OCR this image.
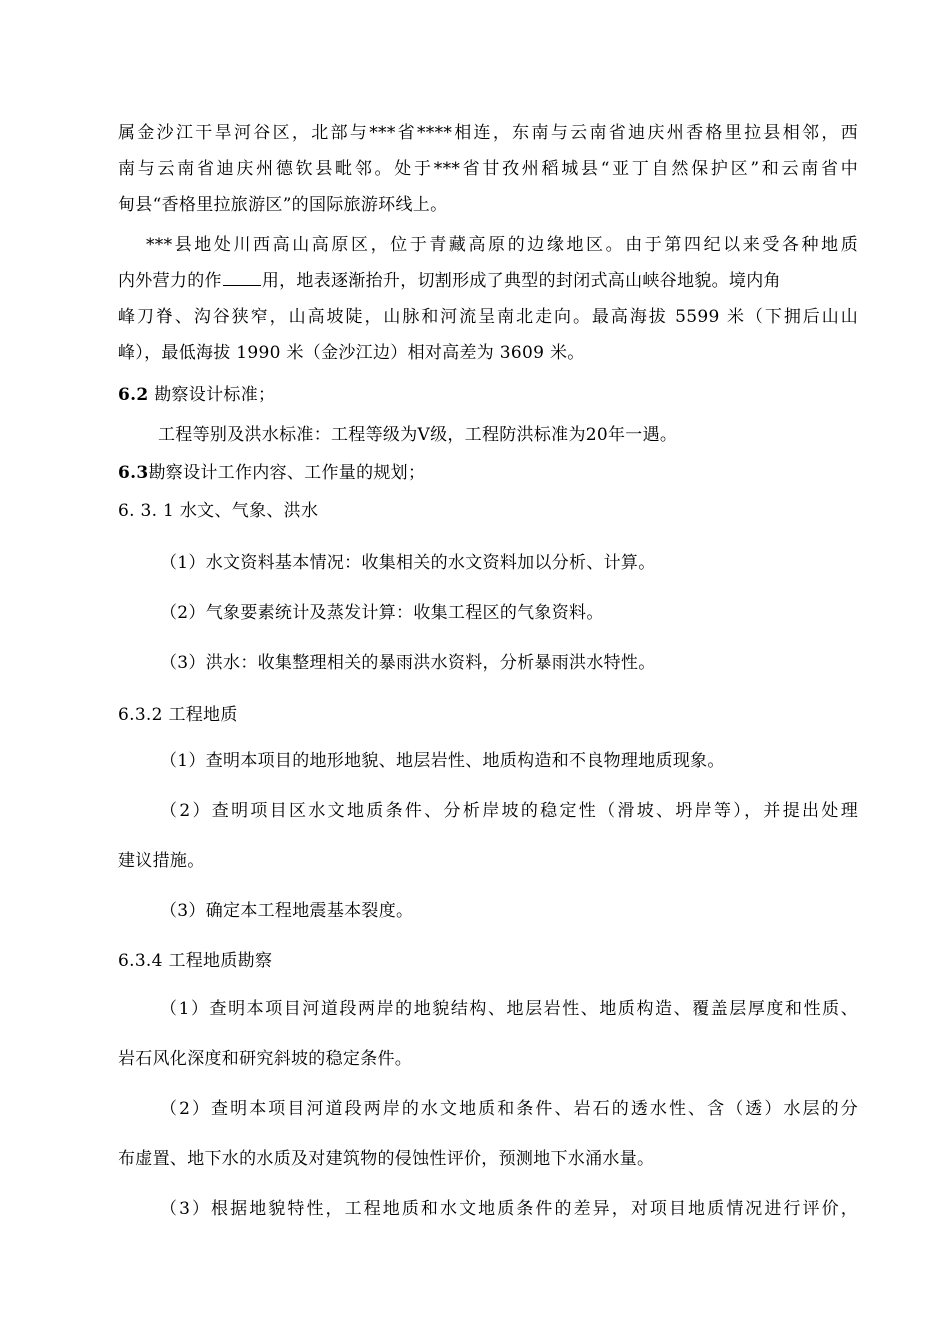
属金沙江干旱河谷区，北部与***省****相连，东南与云南省迪庆州香格里拉县相邻，西
南与云南省迪庆州德钦县毗邻。处于***省甘孜州稻城县“亚丁自然保护区”和云南省中
甸县“香格里拉旅游区”的国际旅游环线上。
***县地处川西高山高原区，位于青藏高原的边缘地区。由于第四纪以来受各种地质
内外营力的作 用，地表逐渐抬升，切割形成了典型的封闭式高山峡谷地貌。境内角
峰刀脊、沟谷狭窄，山高坡陡，山脉和河流呈南北走向。最高海拔 5599 米（下拥后山山
峰），最低海拔 1990 米（金沙江边）相对高差为 3609 米。
6.2 勘察设计标准；
工程等别及洪水标准：工程等级为Ⅴ级，工程防洪标准为20年一遇。
6.3勘察设计工作内容、工作量的规划；
6. 3. 1 水文、气象、洪水
（1）水文资料基本情况：收集相关的水文资料加以分析、计算。
（2）气象要素统计及蒸发计算：收集工程区的气象资料。
（3）洪水：收集整理相关的暴雨洪水资料，分析暴雨洪水特性。
6.3.2 工程地质
（1）查明本项目的地形地貌、地层岩性、地质构造和不良物理地质现象。
（2）查明项目区水文地质条件、分析岸坡的稳定性（滑坡、坍岸等），并提出处理
建议措施。
（3）确定本工程地震基本裂度。
6.3.4 工程地质勘察
（1）查明本项目河道段两岸的地貌结构、地层岩性、地质构造、覆盖层厚度和性质、
岩石风化深度和研究斜坡的稳定条件。
（2）查明本项目河道段两岸的水文地质和条件、岩石的透水性、含（透）水层的分
布虚置、地下水的水质及对建筑物的侵蚀性评价，预测地下水涌水量。
（3）根据地貌特性，工程地质和水文地质条件的差异，对项目地质情况进行评价，
